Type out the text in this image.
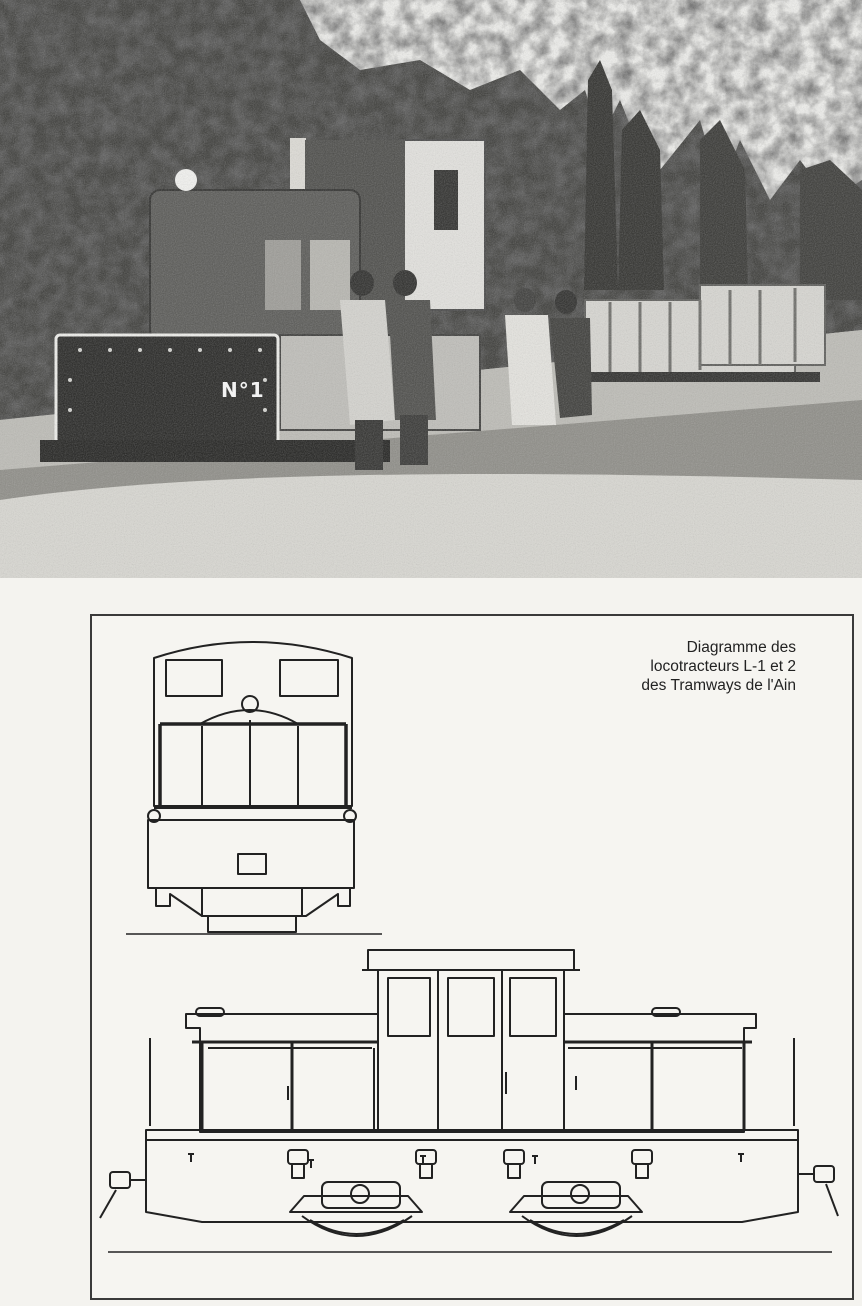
N°1
Diagramme des
locotracteurs L-1 et 2
des Tramways de l'Ain
